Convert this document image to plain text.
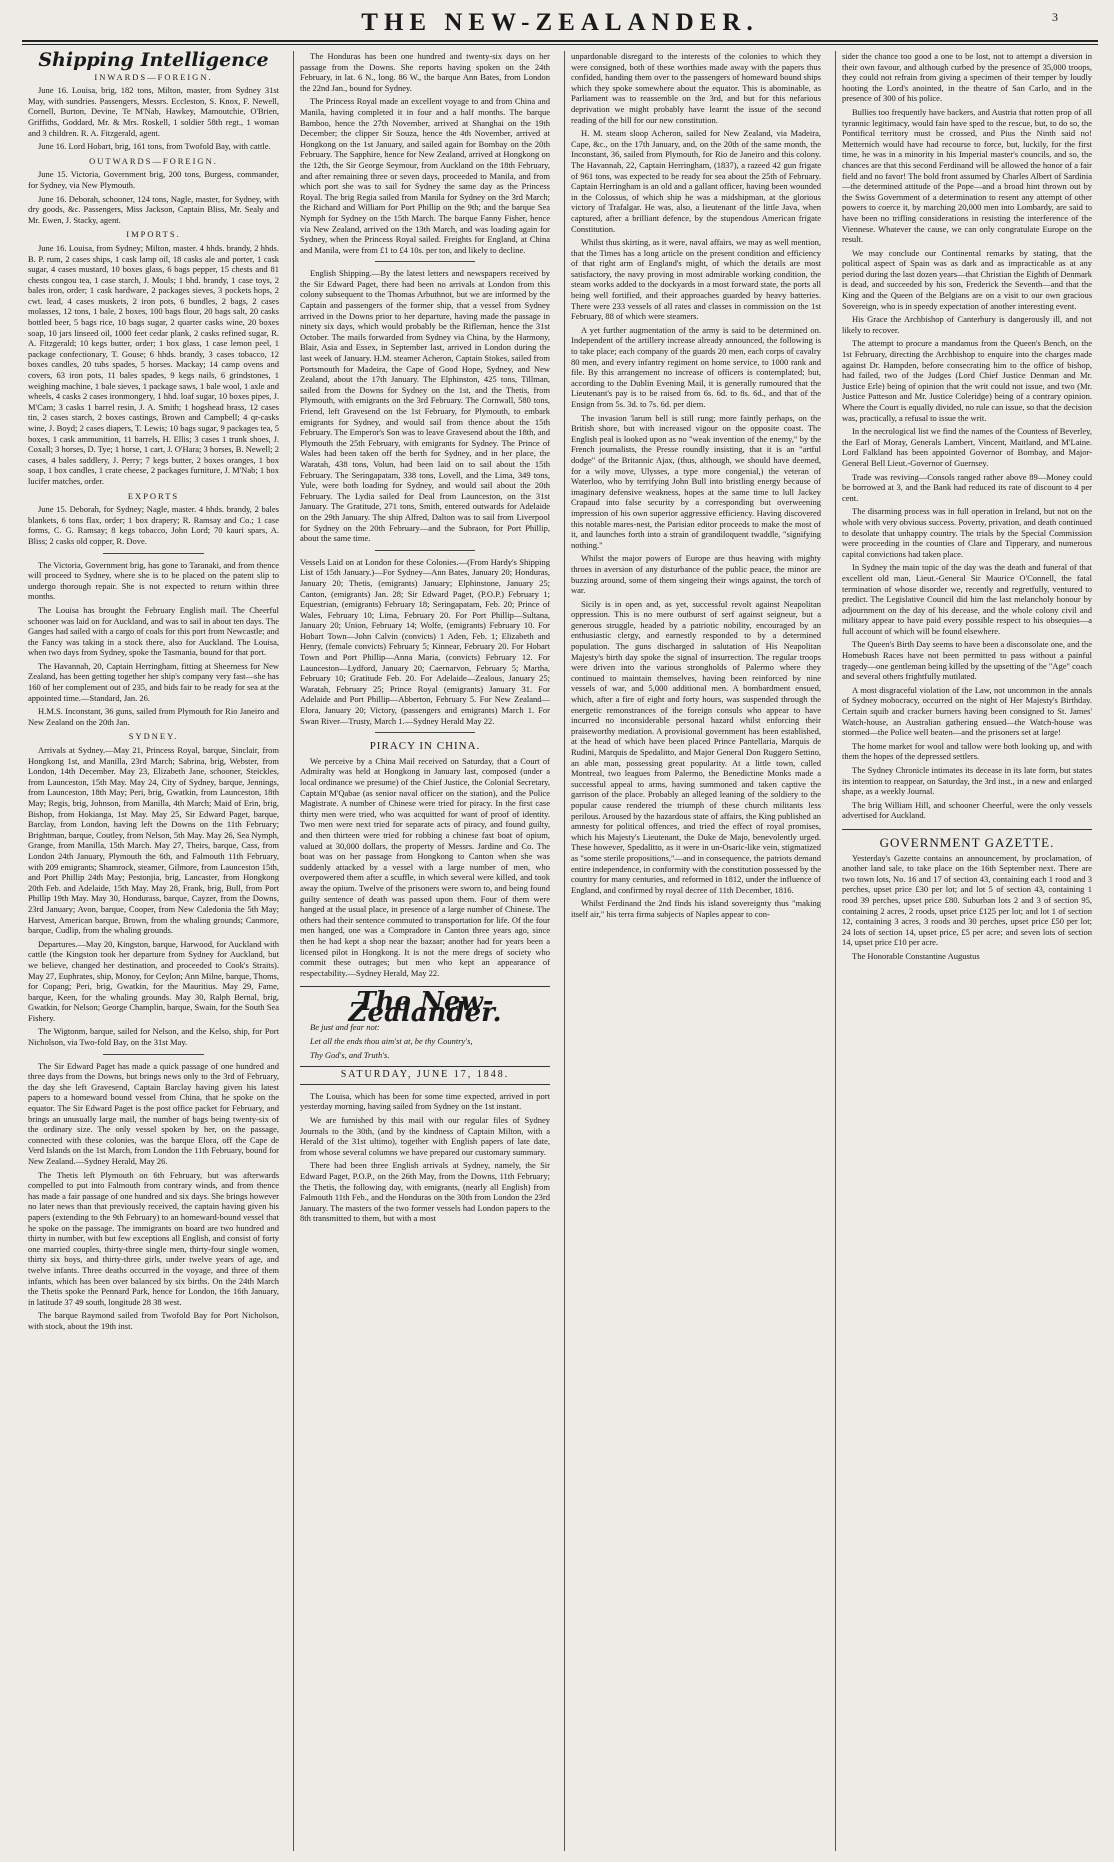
THE NEW-ZEALANDER.	3
Shipping Intelligence
INWARDS—FOREIGN.

June 16. Louisa, brig, 182 tons, Milton, master, from Sydney 31st May, with sundries. Passengers, Messrs. Eccleston, S. Knox, F. Newell, Cornell, Burton, Devine, Te M'Nab, Hawkey, Mamoutchie, O'Brien, Griffiths, Goddard, Mr. & Mrs. Roskell, 1 soldier 58th regt., 1 woman and 3 children. R. A. Fitzgerald, agent.

June 16. Lord Hobart, brig, 161 tons, from Twofold Bay, with cattle.

OUTWARDS—FOREIGN.

June 15. Victoria, Government brig, 200 tons, Burgess, commander, for Sydney, via New Plymouth.

June 16. Deborah, schooner, 124 tons, Nagle, master, for Sydney, with dry goods, &c. Passengers, Miss Jackson, Captain Bliss, Mr. Sealy and Mr. Ewen, J. Stacky, agent.

IMPORTS.

June 16. Louisa, from Sydney; Milton, master. 4 hhds. brandy, 2 hhds. B. P. rum, 2 cases ships, 1 cask lamp oil, 18 casks ale and porter, 1 cask sugar, 4 cases mustard, 10 boxes glass, 6 bags pepper, 15 chests and 81 chests congou tea, 1 case starch, J. Mouls; 1 bhd. brandy, 1 case toys, 2 bales iron, order; 1 cask hardware, 2 packages sieves, 3 pockets hops, 2 cwt. lead, 4 cases muskets, 2 iron pots, 6 bundles, 2 bags, 2 cases molasses, 12 tons, 1 bale, 2 boxes, 100 bags flour, 20 bags salt, 20 casks bottled beer, 5 bags rice, 10 bags sugar, 2 quarter casks wine, 20 boxes soap, 10 jars linseed oil, 1000 feet cedar plank, 2 casks refined sugar, R. A. Fitzgerald; 10 kegs butter, order; 1 box glass, 1 case lemon peel, 1 package confectionary, T. Gouse; 6 hhds. brandy, 3 cases tobacco, 12 boxes candles, 20 tubs spades, 5 horses. Mackay; 14 camp ovens and covers, 63 iron pots, 11 bales spades, 9 kegs nails, 6 grindstones, 1 weighing machine, 1 bale sieves, 1 package saws, 1 bale wool, 1 axle and wheels, 4 casks 2 cases ironmongery, 1 hhd. loaf sugar, 10 boxes pipes, J. M'Cam; 3 casks 1 barrel resin, J. A. Smith; 1 hogshead brass, 12 cases tin, 2 cases starch, 2 boxes castings, Brown and Campbell; 4 qr-casks wine, J. Boyd; 2 cases diapers, T. Lewis; 10 bags sugar, 9 packages tea, 5 boxes, 1 cask ammunition, 11 barrels, H. Ellis; 3 cases 1 trunk shoes, J. Coxall; 3 horses, D. Tye; 1 horse, 1 cart, J. O'Hara; 3 horses, B. Newell; 2 cases, 4 bales saddlery, J. Perry; 7 kegs butter, 2 boxes oranges, 1 box soap, 1 box candles, 1 crate cheese, 2 packages furniture, J. M'Nab; 1 box lucifer matches, order.

EXPORTS

June 15. Deborah, for Sydney; Nagle, master. 4 hhds. brandy, 2 bales blankets, 6 tons flax, order; 1 box drapery; R. Ramsay and Co.; 1 case forms, C. G. Ramsay; 8 kegs tobacco, John Lord; 70 kauri spars, A. Bliss; 2 casks old copper, R. Dove.

The Victoria, Government brig, has gone to Taranaki, and from thence will proceed to Sydney, where she is to be placed on the patent slip to undergo thorough repair. She is not expected to return within three months.

The Louisa has brought the February English mail. The Cheerful schooner was laid on for Auckland, and was to sail in about ten days. The Ganges had sailed with a cargo of coals for this port from Newcastle; and the Fancy was taking in a stock there, also for Auckland. The Louisa, when two days from Sydney, spoke the Tasmania, bound for that port.

The Havannah, 20, Captain Herringham, fitting at Sheerness for New Zealand, has been getting together her ship's company very fast—she has 160 of her complement out of 235, and bids fair to be ready for sea at the appointed time.—Standard, Jan. 26.

H.M.S. Inconstant, 36 guns, sailed from Plymouth for Rio Janeiro and New Zealand on the 20th Jan.

SYDNEY.

Arrivals at Sydney.—May 21, Princess Royal, barque, Sinclair, from Hongkong 1st, and Manilla, 23rd March; Sabrina, brig, Webster, from London, 14th December. May 23, Elizabeth Jane, schooner, Steickles, from Launceston, 15th May. May 24, City of Sydney, barque, Jennings, from Launceston, 18th May; Peri, brig, Gwatkin, from Launceston, 18th May; Regis, brig, Johnson, from Manilla, 4th March; Maid of Erin, brig, Bishop, from Hokianga, 1st May. May 25, Sir Edward Paget, barque, Barclay, from London, having left the Downs on the 11th February; Brightman, barque, Coutley, from Nelson, 5th May. May 26, Sea Nymph, Grange, from Manilla, 15th March. May 27, Theirs, barque, Cass, from London 24th January, Plymouth the 6th, and Falmouth 11th February, with 209 emigrants; Shamrock, steamer, Gilmore, from Launceston 15th, and Port Phillip 24th May; Pestonjia, brig, Lancaster, from Hongkong 20th Feb. and Adelaide, 15th May. May 28, Frank, brig, Bull, from Port Phillip 19th May. May 30, Hondurass, barque, Cayzer, from the Downs, 23rd January; Avon, barque, Cooper, from New Caledonia the 5th May; Harvest, American barque, Brown, from the whaling grounds; Canmore, barque, Cudlip, from the whaling grounds.

Departures.—May 20, Kingston, barque, Harwood, for Auckland with cattle (the Kingston took her departure from Sydney for Auckland, but we believe, changed her destination, and proceeded to Cook's Straits). May 27, Euphrates, ship, Monoy, for Ceylon; Ann Milne, barque, Thoms, for Copang; Peri, brig, Gwatkin, for the Mauritius. May 29, Fame, barque, Keen, for the whaling grounds. May 30, Ralph Bernal, brig, Gwatkin, for Nelson; George Champlin, barque, Swain, for the South Sea Fishery.

The Wigtonm, barque, sailed for Nelson, and the Kelso, ship, for Port Nicholson, via Two-fold Bay, on the 31st May.

The Sir Edward Paget has made a quick passage of one hundred and three days from the Downs, but brings news only to the 3rd of February, the day she left Gravesend, Captain Barclay having given his latest papers to a homeward bound vessel from China, that he spoke on the equator. The Sir Edward Paget is the post office packet for February, and brings an unusually large mail, the number of bags being twenty-six of the ordinary size. The only vessel spoken by her, on the passage, connected with these colonies, was the barque Elora, off the Cape de Verd Islands on the 1st March, from London the 11th February, bound for New Zealand.—Sydney Herald, May 26.

The Thetis left Plymouth on 6th February, but was afterwards compelled to put into Falmouth from contrary winds, and from thence has made a fair passage of one hundred and six days. She brings however no later news than that previously received, the captain having given his papers (extending to the 9th February) to an homeward-bound vessel that he spoke on the passage. The immigrants on board are two hundred and thirty in number, with but few exceptions all English, and consist of forty one married couples, thirty-three single men, thirty-four single women, thirty six boys, and thirty-three girls, under twelve years of age, and twelve infants. Three deaths occurred in the voyage, and three of them infants, which has been over balanced by six births. On the 24th March the Thetis spoke the Pennard Park, hence for London, the 16th January, in latitude 37 49 south, longitude 28 38 west.

The barque Raymond sailed from Twofold Bay for Port Nicholson, with stock, about the 19th inst.

The Honduras has been one hundred and twenty-six days on her passage from the Downs. She reports having spoken on the 24th February, in lat. 6 N., long. 86 W., the barque Ann Bates, from London the 22nd Jan., bound for Sydney.

The Princess Royal made an excellent voyage to and from China and Manila, having completed it in four and a half months. The barque Bamboo, hence the 27th November, arrived at Shanghai on the 19th December; the clipper Sir Souza, hence the 4th November, arrived at Hongkong on the 1st January, and sailed again for Bombay on the 20th February. The Sapphire, hence for New Zealand, arrived at Hongkong on the 12th, the Sir George Seymour, from Auckland on the 18th February, and after remaining three or seven days, proceeded to Manila, and from which port she was to sail for Sydney the same day as the Princess Royal. The brig Regia sailed from Manila for Sydney on the 3rd March; the Richard and William for Port Phillip on the 9th; and the barque Sea Nymph for Sydney on the 15th March. The barque Fanny Fisher, hence via New Zealand, arrived on the 13th March, and was loading again for Sydney, when the Princess Royal sailed. Freights for England, at China and Manila, were from £1 to £4 10s. per ton, and likely to decline.

English Shipping.—By the latest letters and newspapers received by the Sir Edward Paget, there had been no arrivals at London from this colony subsequent to the Thomas Arbuthnot, but we are informed by the Captain and passengers of the former ship, that a vessel from Sydney arrived in the Downs prior to her departure, having made the passage in ninety six days, which would probably be the Rifleman, hence the 31st October. The mails forwarded from Sydney via China, by the Harmony, Blair, Asia and Essex, in September last, arrived in London during the last week of January. H.M. steamer Acheron, Captain Stokes, sailed from Portsmouth for Madeira, the Cape of Good Hope, Sydney, and New Zealand, about the 17th January. The Elphinston, 425 tons, Tillman, sailed from the Downs for Sydney on the 1st, and the Thetis, from Plymouth, with emigrants on the 3rd February. The Cornwall, 580 tons, Friend, left Gravesend on the 1st February, for Plymouth, to embark emigrants for Sydney, and would sail from thence about the 15th February. The Emperor's Son was to leave Gravesend about the 18th, and Plymouth the 25th February, with emigrants for Sydney. The Prince of Wales had been taken off the berth for Sydney, and in her place, the Waratah, 438 tons, Volun, had been laid on to sail about the 15th February. The Seringapatam, 338 tons, Lovell, and the Lima, 349 tons, Yule, were both loading for Sydney, and would sail about the 20th February. The Lydia sailed for Deal from Launceston, on the 31st January. The Gratitude, 271 tons, Smith, entered outwards for Adelaide on the 29th January. The ship Alfred, Dalton was to sail from Liverpool for Sydney on the 20th February—and the Subraon, for Port Phillip, about the same time.

Vessels Laid on at London for these Colonies.—(From Hardy's Shipping List of 15th January.)—For Sydney—Ann Bates, January 20; Honduras, January 20; Thetis, (emigrants) January; Elphinstone, January 25; Canton, (emigrants) Jan. 28; Sir Edward Paget, (P.O.P.) February 1; Equestrian, (emigrants) February 18; Seringapatam, Feb. 20; Prince of Wales, February 10; Lima, February 20. For Port Phillip—Sultana, January 20; Union, February 14; Wolfe, (emigrants) February 10. For Hobart Town—John Calvin (convicts) 1 Aden, Feb. 1; Elizabeth and Henry, (female convicts) February 5; Kinnear, February 20. For Hobart Town and Port Phillip—Anna Maria, (convicts) February 12. For Launceston—Lydford, January 20; Caernarvon, February 5; Martha, February 10; Gratitude Feb. 20. For Adelaide—Zealous, January 25; Waratah, February 25; Prince Royal (emigrants) January 31. For Adelaide and Port Phillip—Abberton, February 5. For New Zealand—Elora, January 20; Victory, (passengers and emigrants) March 1. For Swan River—Trusty, March 1.—Sydney Herald May 22.

PIRACY IN CHINA.

We perceive by a China Mail received on Saturday, that a Court of Admiralty was held at Hongkong in January last, composed (under a local ordinance we presume) of the Chief Justice, the Colonial Secretary, Captain M'Qabae (as senior naval officer on the station), and the Police Magistrate. A number of Chinese were tried for piracy. In the first case thirty men were tried, who was acquitted for want of proof of identity. Two men were next tried for separate acts of piracy, and found guilty, and then thirteen were tried for robbing a chinese fast boat of opium, valued at 30,000 dollars, the property of Messrs. Jardine and Co. The boat was on her passage from Hongkong to Canton when she was suddenly attacked by a vessel with a large number of men, who overpowered them after a scuffle, in which several were killed, and took away the opium. Twelve of the prisoners were sworn to, and being found guilty sentence of death was passed upon them. Four of them were hanged at the usual place, in presence of a large number of Chinese. The others had their sentence commuted to transportation for life. Of the four men hanged, one was a Compradore in Canton three years ago, since then he had kept a shop near the bazaar; another had for years been a licensed pilot in Hongkong. It is not the mere dregs of society who commit these outrages; but men who kept an appearance of respectability.—Sydney Herald, May 22.

The New-Zealander.

Be just and fear not:

Let all the ends thou aim'st at, be thy Country's,

Thy God's, and Truth's.

SATURDAY, JUNE 17, 1848.

The Louisa, which has been for some time expected, arrived in port yesterday morning, having sailed from Sydney on the 1st instant.

We are furnished by this mail with our regular files of Sydney Journals to the 30th, (and by the kindness of Captain Milton, with a Herald of the 31st ultimo), together with English papers of late date, from whose several columns we have prepared our customary summary.

There had been three English arrivals at Sydney, namely, the Sir Edward Paget, P.O.P., on the 26th May, from the Downs, 11th February; the Thetis, the following day, with emigrants, (nearly all English) from Falmouth 11th Feb., and the Honduras on the 30th from London the 23rd January. The masters of the two former vessels had London papers to the 8th transmitted to them, but with a most

unpardonable disregard to the interests of the colonies to which they were consigned, both of these worthies made away with the papers thus confided, handing them over to the passengers of homeward bound ships which they spoke somewhere about the equator. This is abominable, as Parliament was to reassemble on the 3rd, and but for this nefarious deprivation we might probably have learnt the issue of the second reading of the bill for our new constitution.

H. M. steam sloop Acheron, sailed for New Zealand, via Madeira, Cape, &c., on the 17th January, and, on the 20th of the same month, the Inconstant, 36, sailed from Plymouth, for Rio de Janeiro and this colony. The Havannah, 22, Captain Herringham, (1837), a razeed 42 gun frigate of 961 tons, was expected to be ready for sea about the 25th of February. Captain Herringham is an old and a gallant officer, having been wounded in the Colossus, of which ship he was a midshipman, at the glorious victory of Trafalgar. He was, also, a lieutenant of the little Java, when captured, after a brilliant defence, by the stupendous American frigate Constitution.

Whilst thus skirting, as it were, naval affairs, we may as well mention, that the Times has a long article on the present condition and efficiency of that right arm of England's might, of which the details are most satisfactory, the navy proving in most admirable working condition, the steam works added to the dockyards in a most forward state, the ports all being well fortified, and their approaches guarded by heavy batteries. There were 233 vessels of all rates and classes in commission on the 1st February, 88 of which were steamers.

A yet further augmentation of the army is said to be determined on. Independent of the artillery increase already announced, the following is to take place; each company of the guards 20 men, each corps of cavalry 80 men, and every infantry regiment on home service, to 1000 rank and file. By this arrangement no increase of officers is contemplated; but, according to the Dublin Evening Mail, it is generally rumoured that the Lieutenant's pay is to be raised from 6s. 6d. to 8s. 6d., and that of the Ensign from 5s. 3d. to 7s. 6d. per diem.

The invasion 'larum bell is still rung; more faintly perhaps, on the British shore, but with increased vigour on the opposite coast. The English peal is looked upon as no "weak invention of the enemy," by the French journalists, the Presse roundly insisting, that it is an "artful dodge" of the Britannic Ajax, (thus, although, we should have deemed, for a wily move, Ulysses, a type more congenial,) the veteran of Waterloo, who by terrifying John Bull into bristling energy because of imaginary defensive weakness, hopes at the same time to lull Jackey Crapaud into false security by a corresponding but overweening impression of his own superior aggressive efficiency. Having discovered this notable mares-nest, the Parisian editor proceeds to make the most of it, and launches forth into a strain of grandiloquent twaddle, "signifying nothing."

Whilst the major powers of Europe are thus heaving with mighty throes in aversion of any disturbance of the public peace, the minor are buzzing around, some of them singeing their wings against, the torch of war.

Sicily is in open and, as yet, successful revolt against Neapolitan oppression. This is no mere outburst of serf against seigneur, but a generous struggle, headed by a patriotic nobility, encouraged by an enthusiastic clergy, and earnestly responded to by a determined population. The guns discharged in salutation of His Neapolitan Majesty's birth day spoke the signal of insurrection. The regular troops were driven into the various strongholds of Palermo where they continued to maintain themselves, having been reinforced by nine vessels of war, and 5,000 additional men. A bombardment ensued, which, after a fire of eight and forty hours, was suspended through the energetic remonstrances of the foreign consuls who appear to have incurred no inconsiderable personal hazard whilst enforcing their praiseworthy mediation. A provisional government has been established, at the head of which have been placed Prince Pantellaria, Marquis de Rudini, Marquis de Spedalitto, and Major General Don Ruggero Settino, an able man, possessing great popularity. At a little town, called Montreal, two leagues from Palermo, the Benedictine Monks made a successful appeal to arms, having summoned and taken captive the garrison of the place. Probably an alleged leaning of the soldiery to the popular cause rendered the triumph of these church militants less perilous. Aroused by the hazardous state of affairs, the King published an amnesty for political offences, and tried the effect of royal promises, which his Majesty's Lieutenant, the Duke de Majo, benevolently urged. These however, Spedalitto, as it were in un-Osaric-like vein, stigmatized as "some sterile propositions,"—and in consequence, the patriots demand entire independence, in conformity with the constitution possessed by the country for many centuries, and reformed in 1812, under the influence of England, and confirmed by royal decree of 11th December, 1816.

Whilst Ferdinand the 2nd finds his island sovereignty thus "making itself air," his terra firma subjects of Naples appear to con-

sider the chance too good a one to be lost, not to attempt a diversion in their own favour, and although curbed by the presence of 35,000 troops, they could not refrain from giving a specimen of their temper by loudly hooting the Lord's anointed, in the theatre of San Carlo, and in the presence of 300 of his police.

Bullies too frequently have backers, and Austria that rotten prop of all tyrannic legitimacy, would fain have sped to the rescue, but, to do so, the Pontifical territory must be crossed, and Pius the Ninth said no! Metternich would have had recourse to force, but, luckily, for the first time, he was in a minority in his Imperial master's councils, and so, the chances are that this second Ferdinand will be allowed the honor of a fair field and no favor! The bold front assumed by Charles Albert of Sardinia—the determined attitude of the Pope—and a broad hint thrown out by the Swiss Government of a determination to resent any attempt of other powers to coerce it, by marching 20,000 men into Lombardy, are said to have been no trifling considerations in resisting the interference of the Viennese. Whatever the cause, we can only congratulate Europe on the result.

We may conclude our Continental remarks by stating, that the political aspect of Spain was as dark and as impracticable as at any period during the last dozen years—that Christian the Eighth of Denmark is dead, and succeeded by his son, Frederick the Seventh—and that the King and the Queen of the Belgians are on a visit to our own gracious Sovereign, who is in speedy expectation of another interesting event.

His Grace the Archbishop of Canterbury is dangerously ill, and not likely to recover.

The attempt to procure a mandamus from the Queen's Bench, on the 1st February, directing the Archbishop to enquire into the charges made against Dr. Hampden, before consecrating him to the office of bishop, had failed, two of the Judges (Lord Chief Justice Denman and Mr. Justice Erle) being of opinion that the writ could not issue, and two (Mr. Justice Patteson and Mr. Justice Coleridge) being of a contrary opinion. Where the Court is equally divided, no rule can issue, so that the decision was, practically, a refusal to issue the writ.

In the necrological list we find the names of the Countess of Beverley, the Earl of Moray, Generals Lambert, Vincent, Maitland, and M'Laine. Lord Falkland has been appointed Governor of Bombay, and Major-General Bell Lieut.-Governor of Guernsey.

Trade was reviving—Consols ranged rather above 89—Money could be borrowed at 3, and the Bank had reduced its rate of discount to 4 per cent.

The disarming process was in full operation in Ireland, but not on the whole with very obvious success. Poverty, privation, and death continued to desolate that unhappy country. The trials by the Special Commission were proceeding in the counties of Clare and Tipperary, and numerous capital convictions had taken place.

In Sydney the main topic of the day was the death and funeral of that excellent old man, Lieut.-General Sir Maurice O'Connell, the fatal termination of whose disorder we, recently and regretfully, ventured to predict. The Legislative Council did him the last melancholy honour by adjournment on the day of his decease, and the whole colony civil and military appear to have paid every possible respect to his obsequies—a full account of which will be found elsewhere.

The Queen's Birth Day seems to have been a disconsolate one, and the Homebush Races have not been permitted to pass without a painful tragedy—one gentleman being killed by the upsetting of the "Age" coach and several others frightfully mutilated.

A most disgraceful violation of the Law, not uncommon in the annals of Sydney mobocracy, occurred on the night of Her Majesty's Birthday. Certain squib and cracker burners having been consigned to St. James' Watch-house, an Australian gathering ensued—the Watch-house was stormed—the Police well beaten—and the prisoners set at large!

The home market for wool and tallow were both looking up, and with them the hopes of the depressed settlers.

The Sydney Chronicle intimates its decease in its late form, but states its intention to reappear, on Saturday, the 3rd inst., in a new and enlarged shape, as a weekly Journal.

The brig William Hill, and schooner Cheerful, were the only vessels advertised for Auckland.

GOVERNMENT GAZETTE.

Yesterday's Gazette contains an announcement, by proclamation, of another land sale, to take place on the 16th September next. There are two town lots, No. 16 and 17 of section 43, containing each 1 rood and 3 perches, upset price £30 per lot; and lot 5 of section 43, containing 1 rood 39 perches, upset price £80. Suburban lots 2 and 3 of section 95, containing 2 acres, 2 roods, upset price £125 per lot; and lot 1 of section 12, containing 3 acres, 3 roods and 30 perches, upset price £50 per lot; 24 lots of section 14, upset price, £5 per acre; and seven lots of section 14, upset price £10 per acre.

The Honorable Constantine Augustus
